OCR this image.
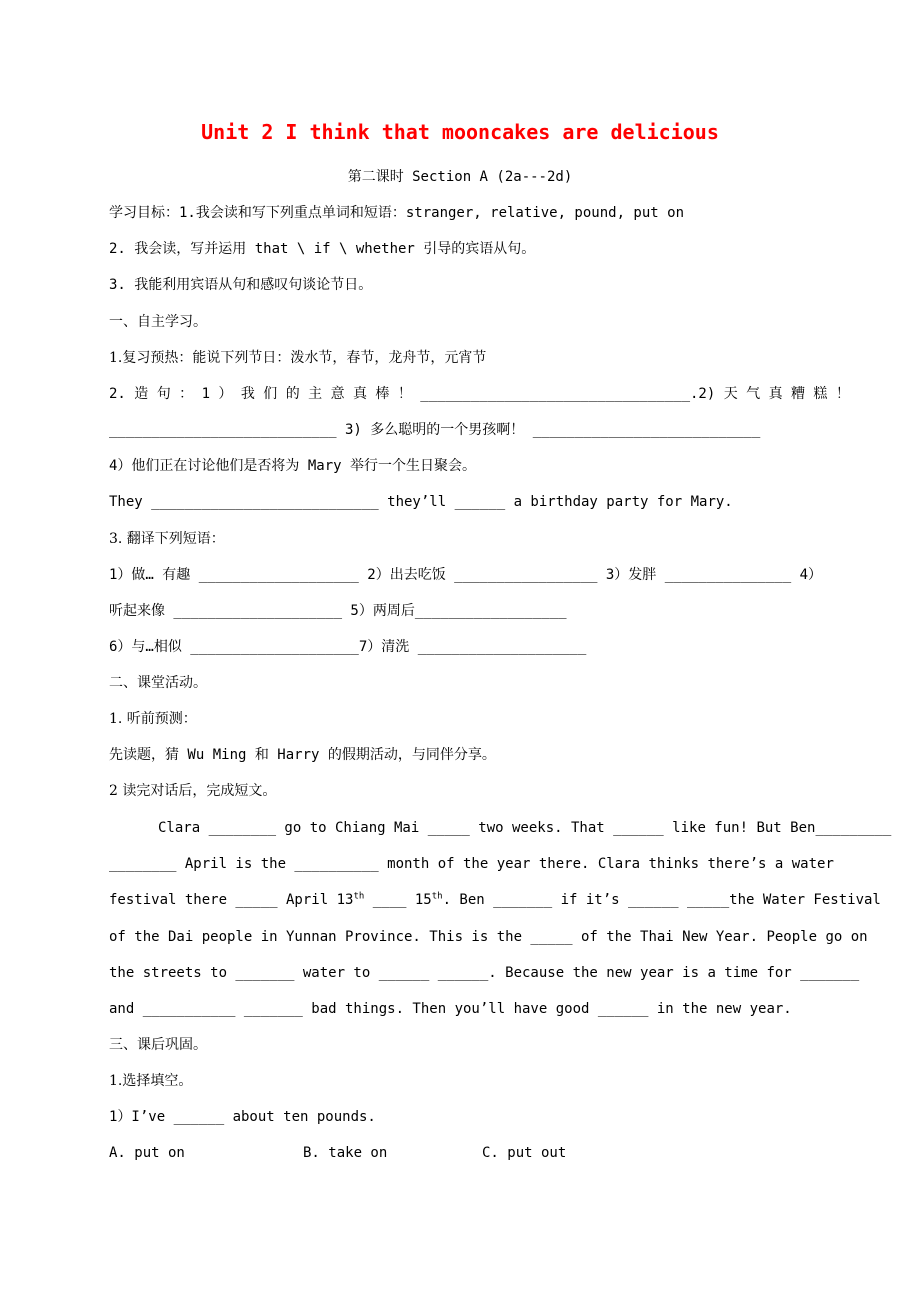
Unit 2 I think that mooncakes are delicious
第二课时 Section A (2a---2d)
学习目标：1.我会读和写下列重点单词和短语：stranger, relative, pound, put on
2. 我会读，写并运用 that \ if \ whether 引导的宾语从句。
3. 我能利用宾语从句和感叹句谈论节日。
一、自主学习。
1.复习预热：能说下列节日：泼水节，春节，龙舟节，元宵节
2. 造 句 ： 1 ） 我 们 的 主 意 真 棒 ！ ________________________________.2) 天 气 真 糟 糕 ！
___________________________ 3) 多么聪明的一个男孩啊！ ___________________________
4）他们正在讨论他们是否将为 Mary 举行一个生日聚会。
They ___________________________ they’ll ______ a birthday party for Mary.
3. 翻译下列短语：
1）做… 有趣 ___________________ 2）出去吃饭 _________________ 3）发胖 _______________ 4）
听起来像 ____________________ 5）两周后__________________
6）与…相似 ____________________7）清洗 ____________________
二、课堂活动。
1. 听前预测：
先读题，猜 Wu Ming 和 Harry 的假期活动，与同伴分享。
2 读完对话后，完成短文。
Clara ________ go to Chiang Mai _____ two weeks. That ______ like fun! But Ben_________
________ April is the __________ month of the year there. Clara thinks there’s a water
festival there _____ April 13th ____ 15th. Ben _______ if it’s ______ _____the Water Festival
of the Dai people in Yunnan Province. This is the _____ of the Thai New Year. People go on
the streets to _______ water to ______ ______. Because the new year is a time for _______
and ___________ _______ bad things. Then you’ll have good ______ in the new year.
三、课后巩固。
1.选择填空。
1）I’ve ______ about ten pounds.
A. put on	B. take on	C. put out
